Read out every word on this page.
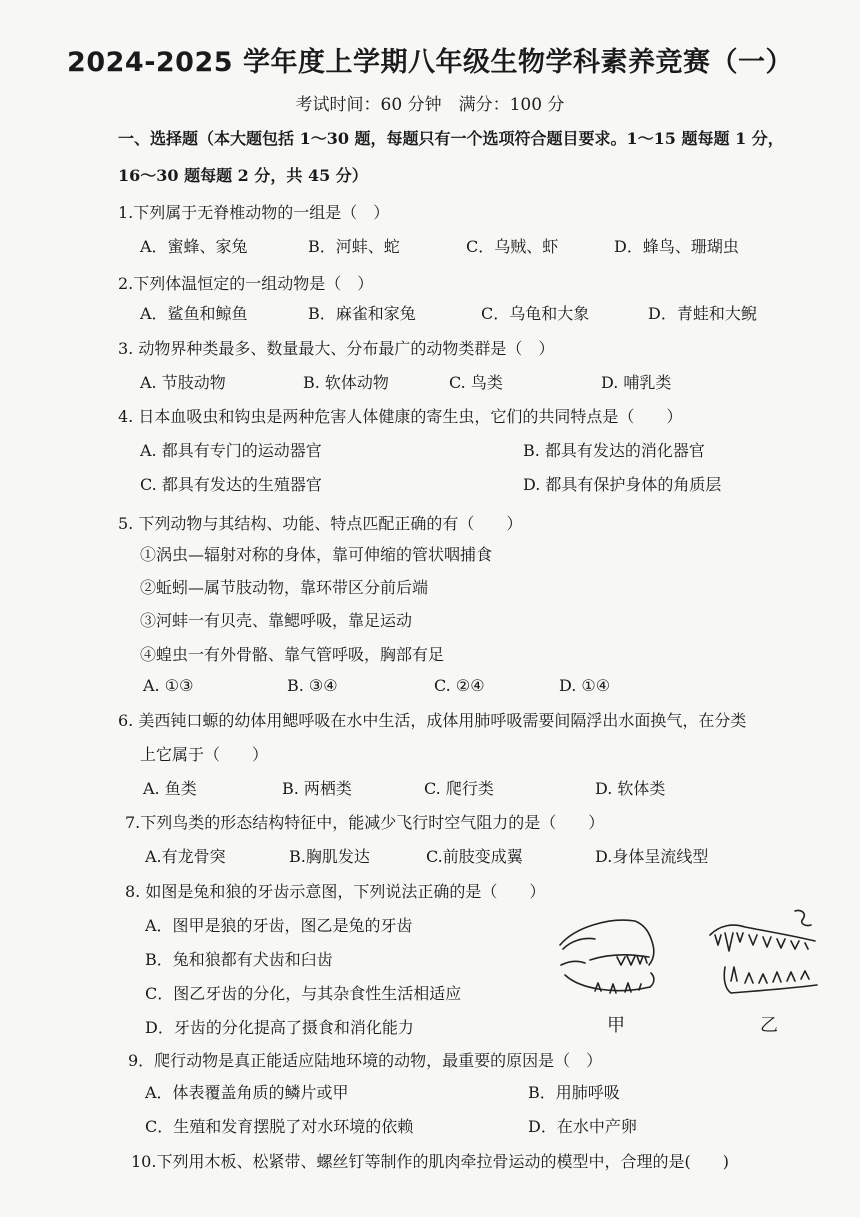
2024-2025 学年度上学期八年级生物学科素养竞赛（一）
考试时间：60 分钟　满分：100 分
一、选择题（本大题包括 1～30 题，每题只有一个选项符合题目要求。1～15 题每题 1 分，
16～30 题每题 2 分，共 45 分）
1.下列属于无脊椎动物的一组是（　）
A．蜜蜂、家兔	B．河蚌、蛇	C．乌贼、虾	D．蜂鸟、珊瑚虫
2.下列体温恒定的一组动物是（　）
A．鲨鱼和鲸鱼	B．麻雀和家兔	C．乌龟和大象	D．青蛙和大鲵
3. 动物界种类最多、数量最大、分布最广的动物类群是（　）
A. 节肢动物	B. 软体动物	C. 鸟类	D. 哺乳类
4. 日本血吸虫和钩虫是两种危害人体健康的寄生虫，它们的共同特点是（　　）
A. 都具有专门的运动器官	B. 都具有发达的消化器官
C. 都具有发达的生殖器官	D. 都具有保护身体的角质层
5. 下列动物与其结构、功能、特点匹配正确的有（　　）
①涡虫—辐射对称的身体，靠可伸缩的管状咽捕食
②蚯蚓—属节肢动物，靠环带区分前后端
③河蚌一有贝壳、靠鳃呼吸，靠足运动
④蝗虫一有外骨骼、靠气管呼吸，胸部有足
A. ①③	B. ③④	C. ②④	D. ①④
6. 美西钝口螈的幼体用鳃呼吸在水中生活，成体用肺呼吸需要间隔浮出水面换气，在分类
上它属于（　　）
A. 鱼类	B. 两栖类	C. 爬行类	D. 软体类
7.下列鸟类的形态结构特征中，能减少飞行时空气阻力的是（　　）
A.有龙骨突	B.胸肌发达	C.前肢变成翼	D.身体呈流线型
8. 如图是兔和狼的牙齿示意图，下列说法正确的是（　　）
A．图甲是狼的牙齿，图乙是兔的牙齿
B．兔和狼都有犬齿和臼齿
C．图乙牙齿的分化，与其杂食性生活相适应
D．牙齿的分化提高了摄食和消化能力	甲	乙
9．爬行动物是真正能适应陆地环境的动物，最重要的原因是（　）
A．体表覆盖角质的鳞片或甲	B．用肺呼吸
C．生殖和发育摆脱了对水环境的依赖	D．在水中产卵
10.下列用木板、松紧带、螺丝钉等制作的肌肉牵拉骨运动的模型中，合理的是(　　)
